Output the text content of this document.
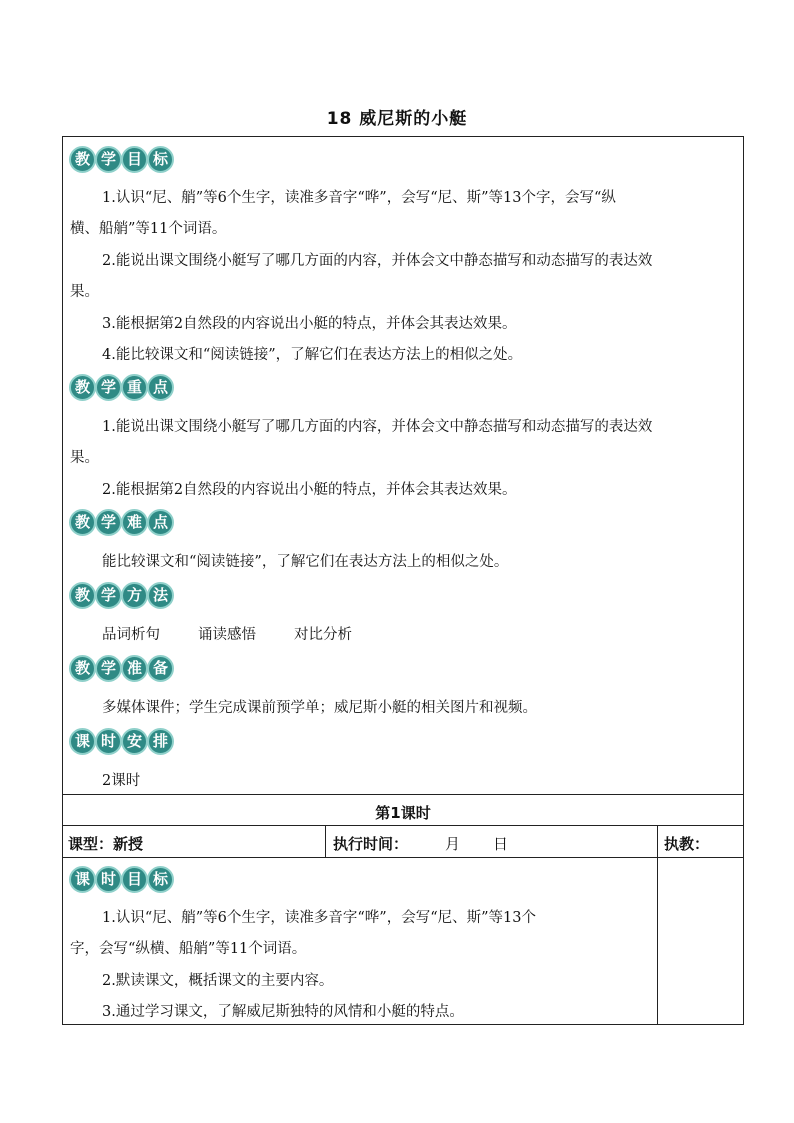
18 威尼斯的小艇
教 学 目 标
1.认识“尼、艄”等6个生字，读准多音字“哗”，会写“尼、斯”等13个字，会写“纵
横、船艄”等11个词语。
2.能说出课文围绕小艇写了哪几方面的内容，并体会文中静态描写和动态描写的表达效
果。
3.能根据第2自然段的内容说出小艇的特点，并体会其表达效果。
4.能比较课文和“阅读链接”，了解它们在表达方法上的相似之处。
教 学 重 点
1.能说出课文围绕小艇写了哪几方面的内容，并体会文中静态描写和动态描写的表达效
果。
2.能根据第2自然段的内容说出小艇的特点，并体会其表达效果。
教 学 难 点
能比较课文和“阅读链接”，了解它们在表达方法上的相似之处。
教 学 方 法
品词析句	诵读感悟	对比分析
教 学 准 备
多媒体课件；学生完成课前预学单；威尼斯小艇的相关图片和视频。
课 时 安 排
2课时
第1课时
课型：新授	执行时间： 月 日	执教：
课 时 目 标
1.认识“尼、艄”等6个生字，读准多音字“哗”，会写“尼、斯”等13个
字，会写“纵横、船艄”等11个词语。
2.默读课文，概括课文的主要内容。
3.通过学习课文，了解威尼斯独特的风情和小艇的特点。
